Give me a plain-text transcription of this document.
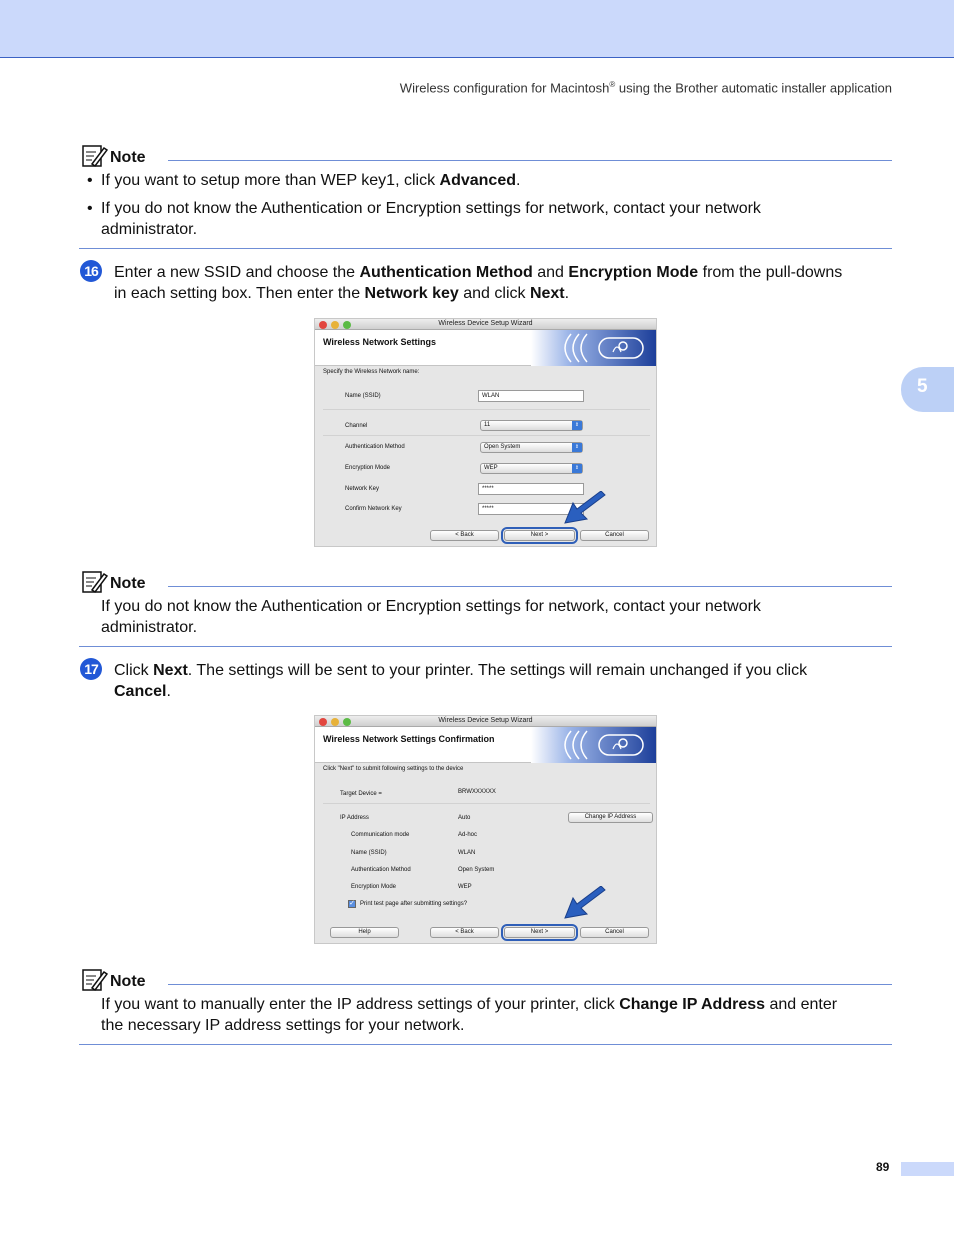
Wireless configuration for Macintosh® using the Brother automatic installer application
5
Note
• If you want to setup more than WEP key1, click Advanced.
• If you do not know the Authentication or Encryption settings for network, contact your network
administrator.
16 Enter a new SSID and choose the Authentication Method and Encryption Mode from the pull-downs
in each setting box. Then enter the Network key and click Next.
Wireless Device Setup Wizard
Wireless Network Settings
Specify the Wireless Network name:
Name (SSID)	WLAN
Channel	11	⇕
Authentication Method	Open System	⇕
Encryption Mode	WEP	⇕
Network Key	*****
Confirm Network Key	*****
< Back	Next >	Cancel
Note
If you do not know the Authentication or Encryption settings for network, contact your network
administrator.
17 Click Next. The settings will be sent to your printer. The settings will remain unchanged if you click
Cancel.
Wireless Device Setup Wizard
Wireless Network Settings Confirmation
Click "Next" to submit following settings to the device
Target Device =	BRWXXXXXX
IP Address	Auto	Change IP Address
Communication mode	Ad-hoc
Name (SSID)	WLAN
Authentication Method	Open System
Encryption Mode	WEP
✓ Print test page after submitting settings?
Help	< Back	Next >	Cancel
Note
If you want to manually enter the IP address settings of your printer, click Change IP Address and enter
the necessary IP address settings for your network.
89
